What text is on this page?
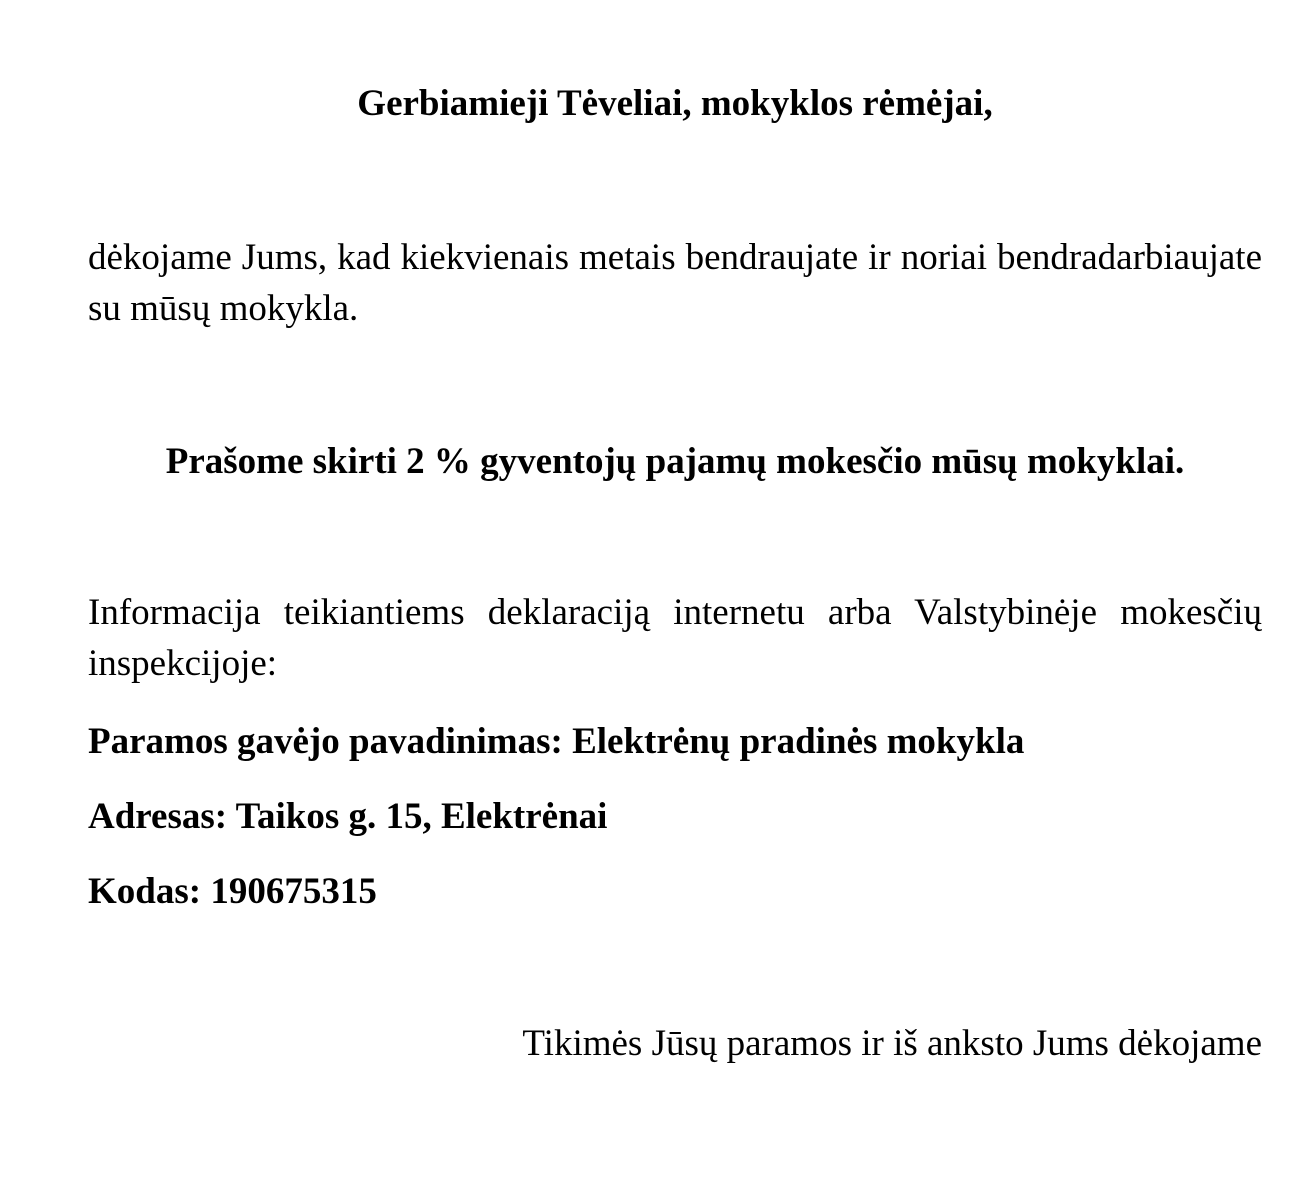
Gerbiamieji Tėveliai, mokyklos rėmėjai,

dėkojame Jums, kad kiekvienais metais bendraujate ir noriai bendradarbiaujate su mūsų mokykla.

Prašome skirti 2 % gyventojų pajamų mokesčio mūsų mokyklai.

Informacija teikiantiems deklaraciją internetu arba Valstybinėje mokesčių inspekcijoje:

Paramos gavėjo pavadinimas: Elektrėnų pradinės mokykla

Adresas: Taikos g. 15, Elektrėnai

Kodas: 190675315

Tikimės Jūsų paramos ir iš anksto Jums dėkojame
